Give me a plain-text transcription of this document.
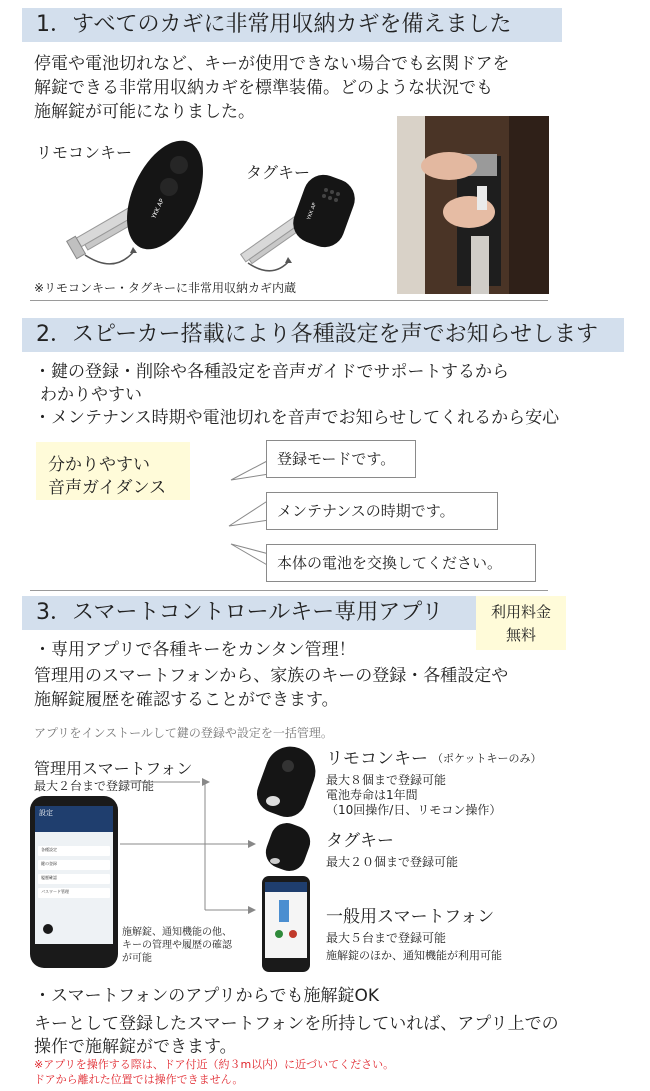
1．すべてのカギに非常用収納カギを備えました
停電や電池切れなど、キーが使用できない場合でも玄関ドアを
解錠できる非常用収納カギを標準装備。どのような状況でも
施解錠が可能になりました。
リモコンキー
タグキー
YKK AP	YKK AP
※リモコンキー・タグキーに非常用収納カギ内蔵
2．スピーカー搭載により各種設定を声でお知らせします
・鍵の登録・削除や各種設定を音声ガイドでサポートするから
わかりやすい
・メンテナンス時期や電池切れを音声でお知らせしてくれるから安心
分かりやすい
音声ガイダンス
登録モードです。
メンテナンスの時期です。
本体の電池を交換してください。
3．スマートコントロールキー専用アプリ	利用料金
無料
・専用アプリで各種キーをカンタン管理！
管理用のスマートフォンから、家族のキーの登録・各種設定や
施解錠履歴を確認することができます。
アプリをインストールして鍵の登録や設定を一括管理。
管理用スマートフォン
最大２台まで登録可能
設定
各種設定
鍵の登録
履歴確認
パスワード管理
施解錠、通知機能の他、
キーの管理や履歴の確認
が可能
リモコンキー （ポケットキーのみ）
最大８個まで登録可能
電池寿命は1年間
（10回操作/日、リモコン操作）
タグキー
最大２０個まで登録可能
一般用スマートフォン
最大５台まで登録可能
施解錠のほか、通知機能が利用可能
・スマートフォンのアプリからでも施解錠OK
キーとして登録したスマートフォンを所持していれば、アプリ上での
操作で施解錠ができます。
※アプリを操作する際は、ドア付近（約３m以内）に近づいてください。
ドアから離れた位置では操作できません。
